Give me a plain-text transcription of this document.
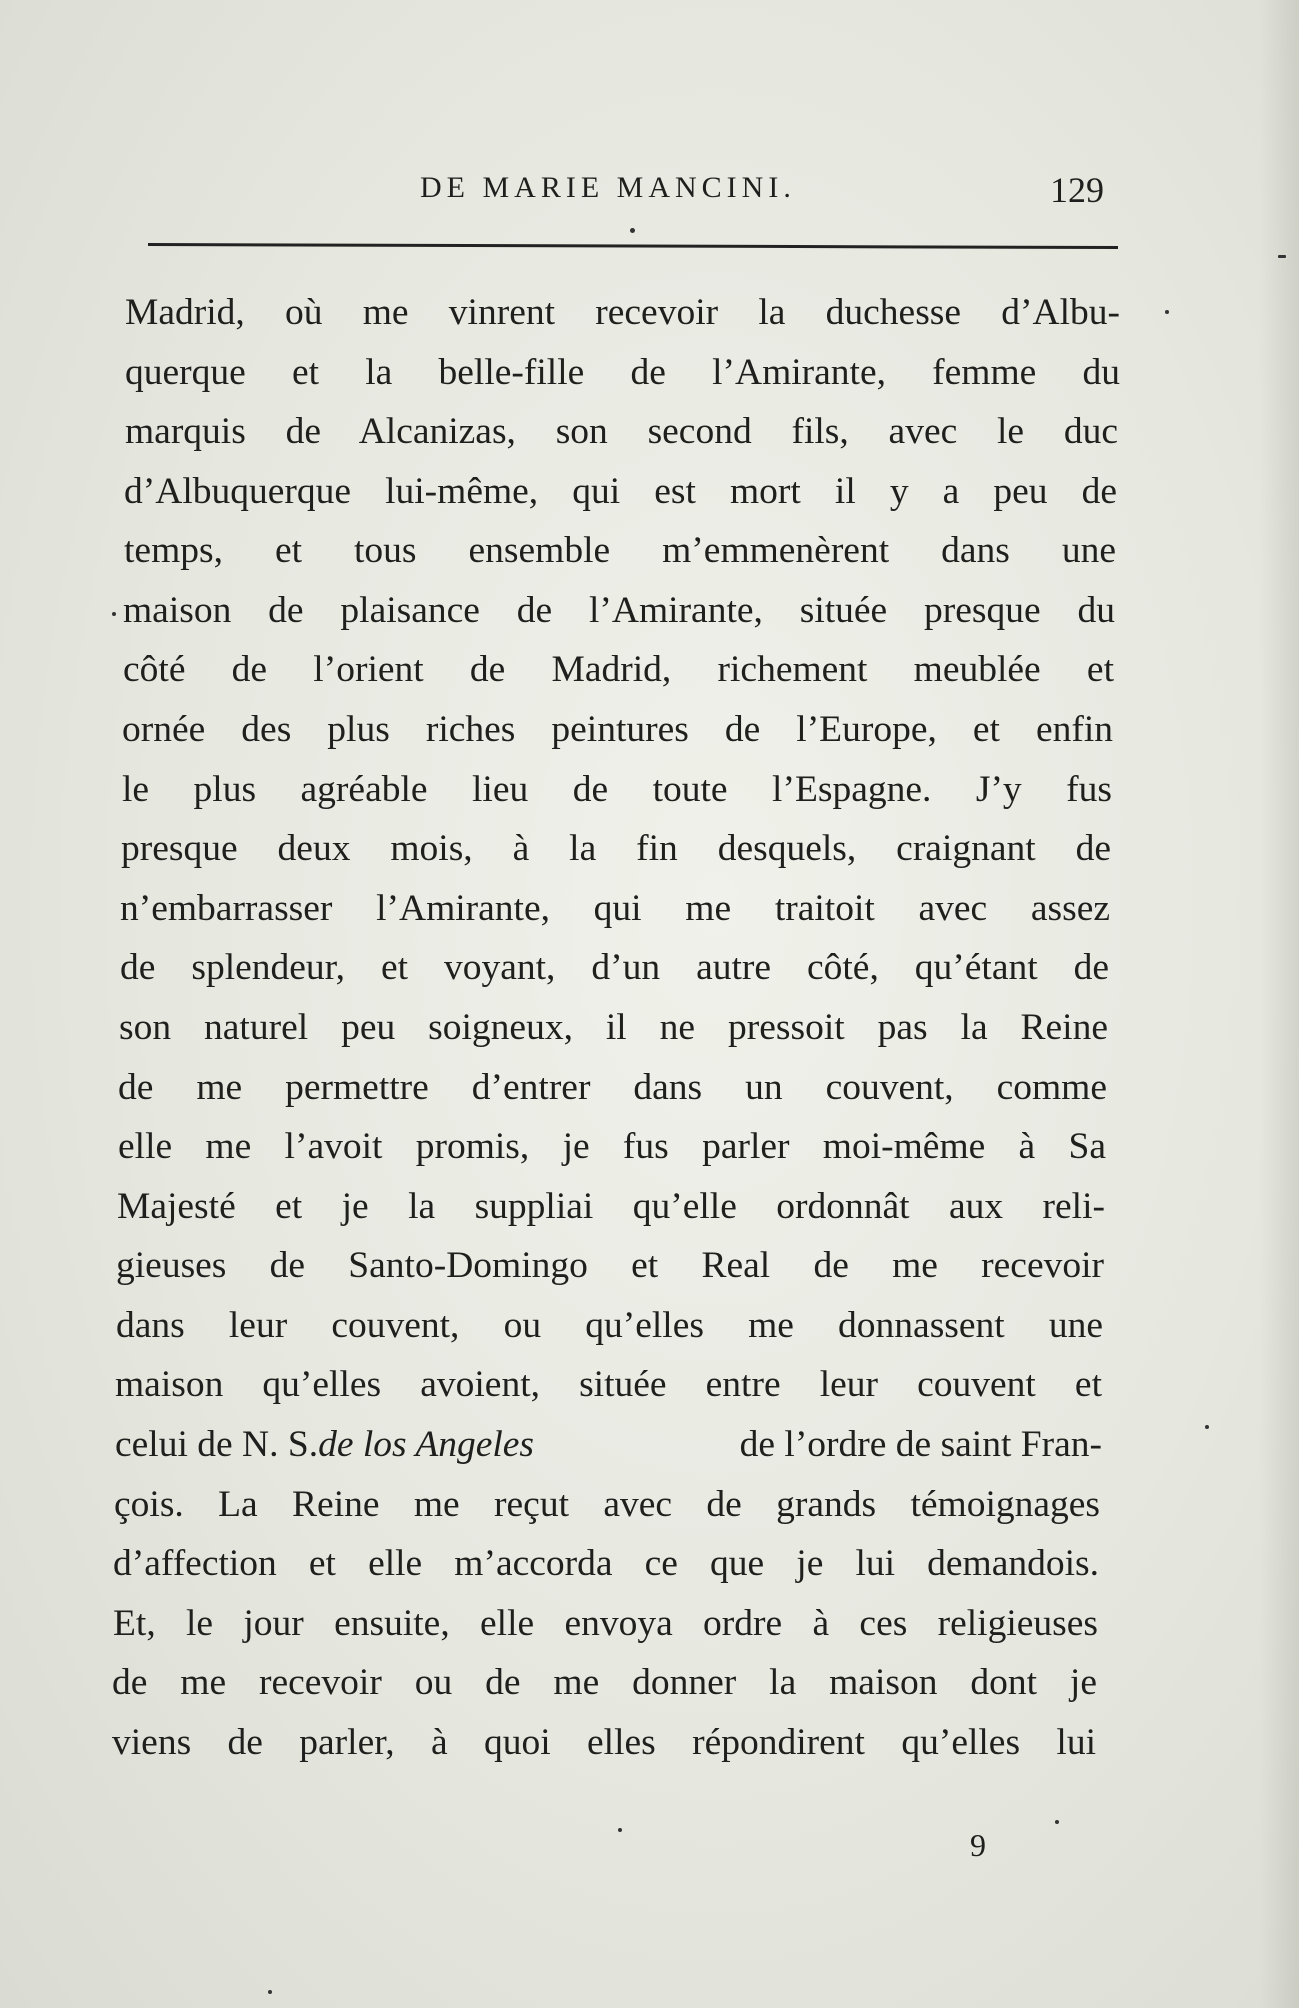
DE MARIE MANCINI.	129
Madrid, où me vinrent recevoir la duchesse d’Albu-
querque et la belle-fille de l’Amirante, femme du
marquis de Alcanizas, son second fils, avec le duc
d’Albuquerque lui-même, qui est mort il y a peu de
temps, et tous ensemble m’emmenèrent dans une
maison de plaisance de l’Amirante, située presque du
côté de l’orient de Madrid, richement meublée et
ornée des plus riches peintures de l’Europe, et enfin
le plus agréable lieu de toute l’Espagne. J’y fus
presque deux mois, à la fin desquels, craignant de
n’embarrasser l’Amirante, qui me traitoit avec assez
de splendeur, et voyant, d’un autre côté, qu’étant de
son naturel peu soigneux, il ne pressoit pas la Reine
de me permettre d’entrer dans un couvent, comme
elle me l’avoit promis, je fus parler moi-même à Sa
Majesté et je la suppliai qu’elle ordonnât aux reli-
gieuses de Santo-Domingo et Real de me recevoir
dans leur couvent, ou qu’elles me donnassent une
maison qu’elles avoient, située entre leur couvent et
celui de N. S. de los Angeles	de l’ordre de saint Fran-
çois. La Reine me reçut avec de grands témoignages
d’affection et elle m’accorda ce que je lui demandois.
Et, le jour ensuite, elle envoya ordre à ces religieuses
de me recevoir ou de me donner la maison dont je
viens de parler, à quoi elles répondirent qu’elles lui
9
